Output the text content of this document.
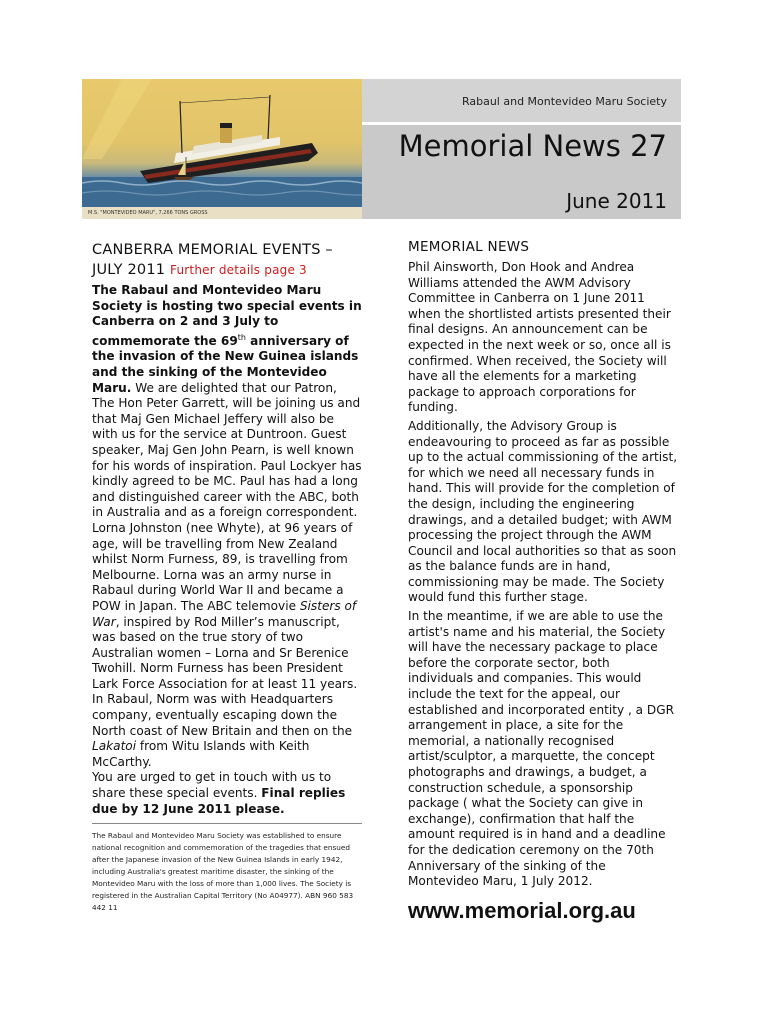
M.S. "MONTEVIDEO MARU", 7,266 TONS GROSS
Rabaul and Montevideo Maru Society
Memorial News 27
June 2011
CANBERRA MEMORIAL EVENTS – JULY 2011 Further details page 3

The Rabaul and Montevideo Maru Society is hosting two special events in Canberra on 2 and 3 July to commemorate the 69th anniversary of the invasion of the New Guinea islands and the sinking of the Montevideo Maru. We are delighted that our Patron, The Hon Peter Garrett, will be joining us and that Maj Gen Michael Jeffery will also be with us for the service at Duntroon. Guest speaker, Maj Gen John Pearn, is well known for his words of inspiration. Paul Lockyer has kindly agreed to be MC. Paul has had a long and distinguished career with the ABC, both in Australia and as a foreign correspondent. Lorna Johnston (nee Whyte), at 96 years of age, will be travelling from New Zealand whilst Norm Furness, 89, is travelling from Melbourne. Lorna was an army nurse in Rabaul during World War II and became a POW in Japan. The ABC telemovie Sisters of War, inspired by Rod Miller’s manuscript, was based on the true story of two Australian women – Lorna and Sr Berenice Twohill. Norm Furness has been President Lark Force Association for at least 11 years. In Rabaul, Norm was with Headquarters company, eventually escaping down the North coast of New Britain and then on the Lakatoi from Witu Islands with Keith McCarthy.
You are urged to get in touch with us to share these special events. Final replies due by 12 June 2011 please.

The Rabaul and Montevideo Maru Society was established to ensure national recognition and commemoration of the tragedies that ensued after the Japanese invasion of the New Guinea Islands in early 1942, including Australia's greatest maritime disaster, the sinking of the Montevideo Maru with the loss of more than 1,000 lives. The Society is registered in the Australian Capital Territory (No A04977). ABN 960 583 442 11

MEMORIAL NEWS

Phil Ainsworth, Don Hook and Andrea Williams attended the AWM Advisory Committee in Canberra on 1 June 2011 when the shortlisted artists presented their final designs. An announcement can be expected in the next week or so, once all is confirmed. When received, the Society will have all the elements for a marketing package to approach corporations for funding.

Additionally, the Advisory Group is endeavouring to proceed as far as possible up to the actual commissioning of the artist, for which we need all necessary funds in hand. This will provide for the completion of the design, including the engineering drawings, and a detailed budget; with AWM processing the project through the AWM Council and local authorities so that as soon as the balance funds are in hand, commissioning may be made. The Society would fund this further stage.

In the meantime, if we are able to use the artist's name and his material, the Society will have the necessary package to place before the corporate sector, both individuals and companies. This would include the text for the appeal, our established and incorporated entity , a DGR arrangement in place, a site for the memorial, a nationally recognised artist/sculptor, a marquette, the concept photographs and drawings, a budget, a construction schedule, a sponsorship package ( what the Society can give in exchange), confirmation that half the amount required is in hand and a deadline for the dedication ceremony on the 70th Anniversary of the sinking of the Montevideo Maru, 1 July 2012.

www.memorial.org.au
